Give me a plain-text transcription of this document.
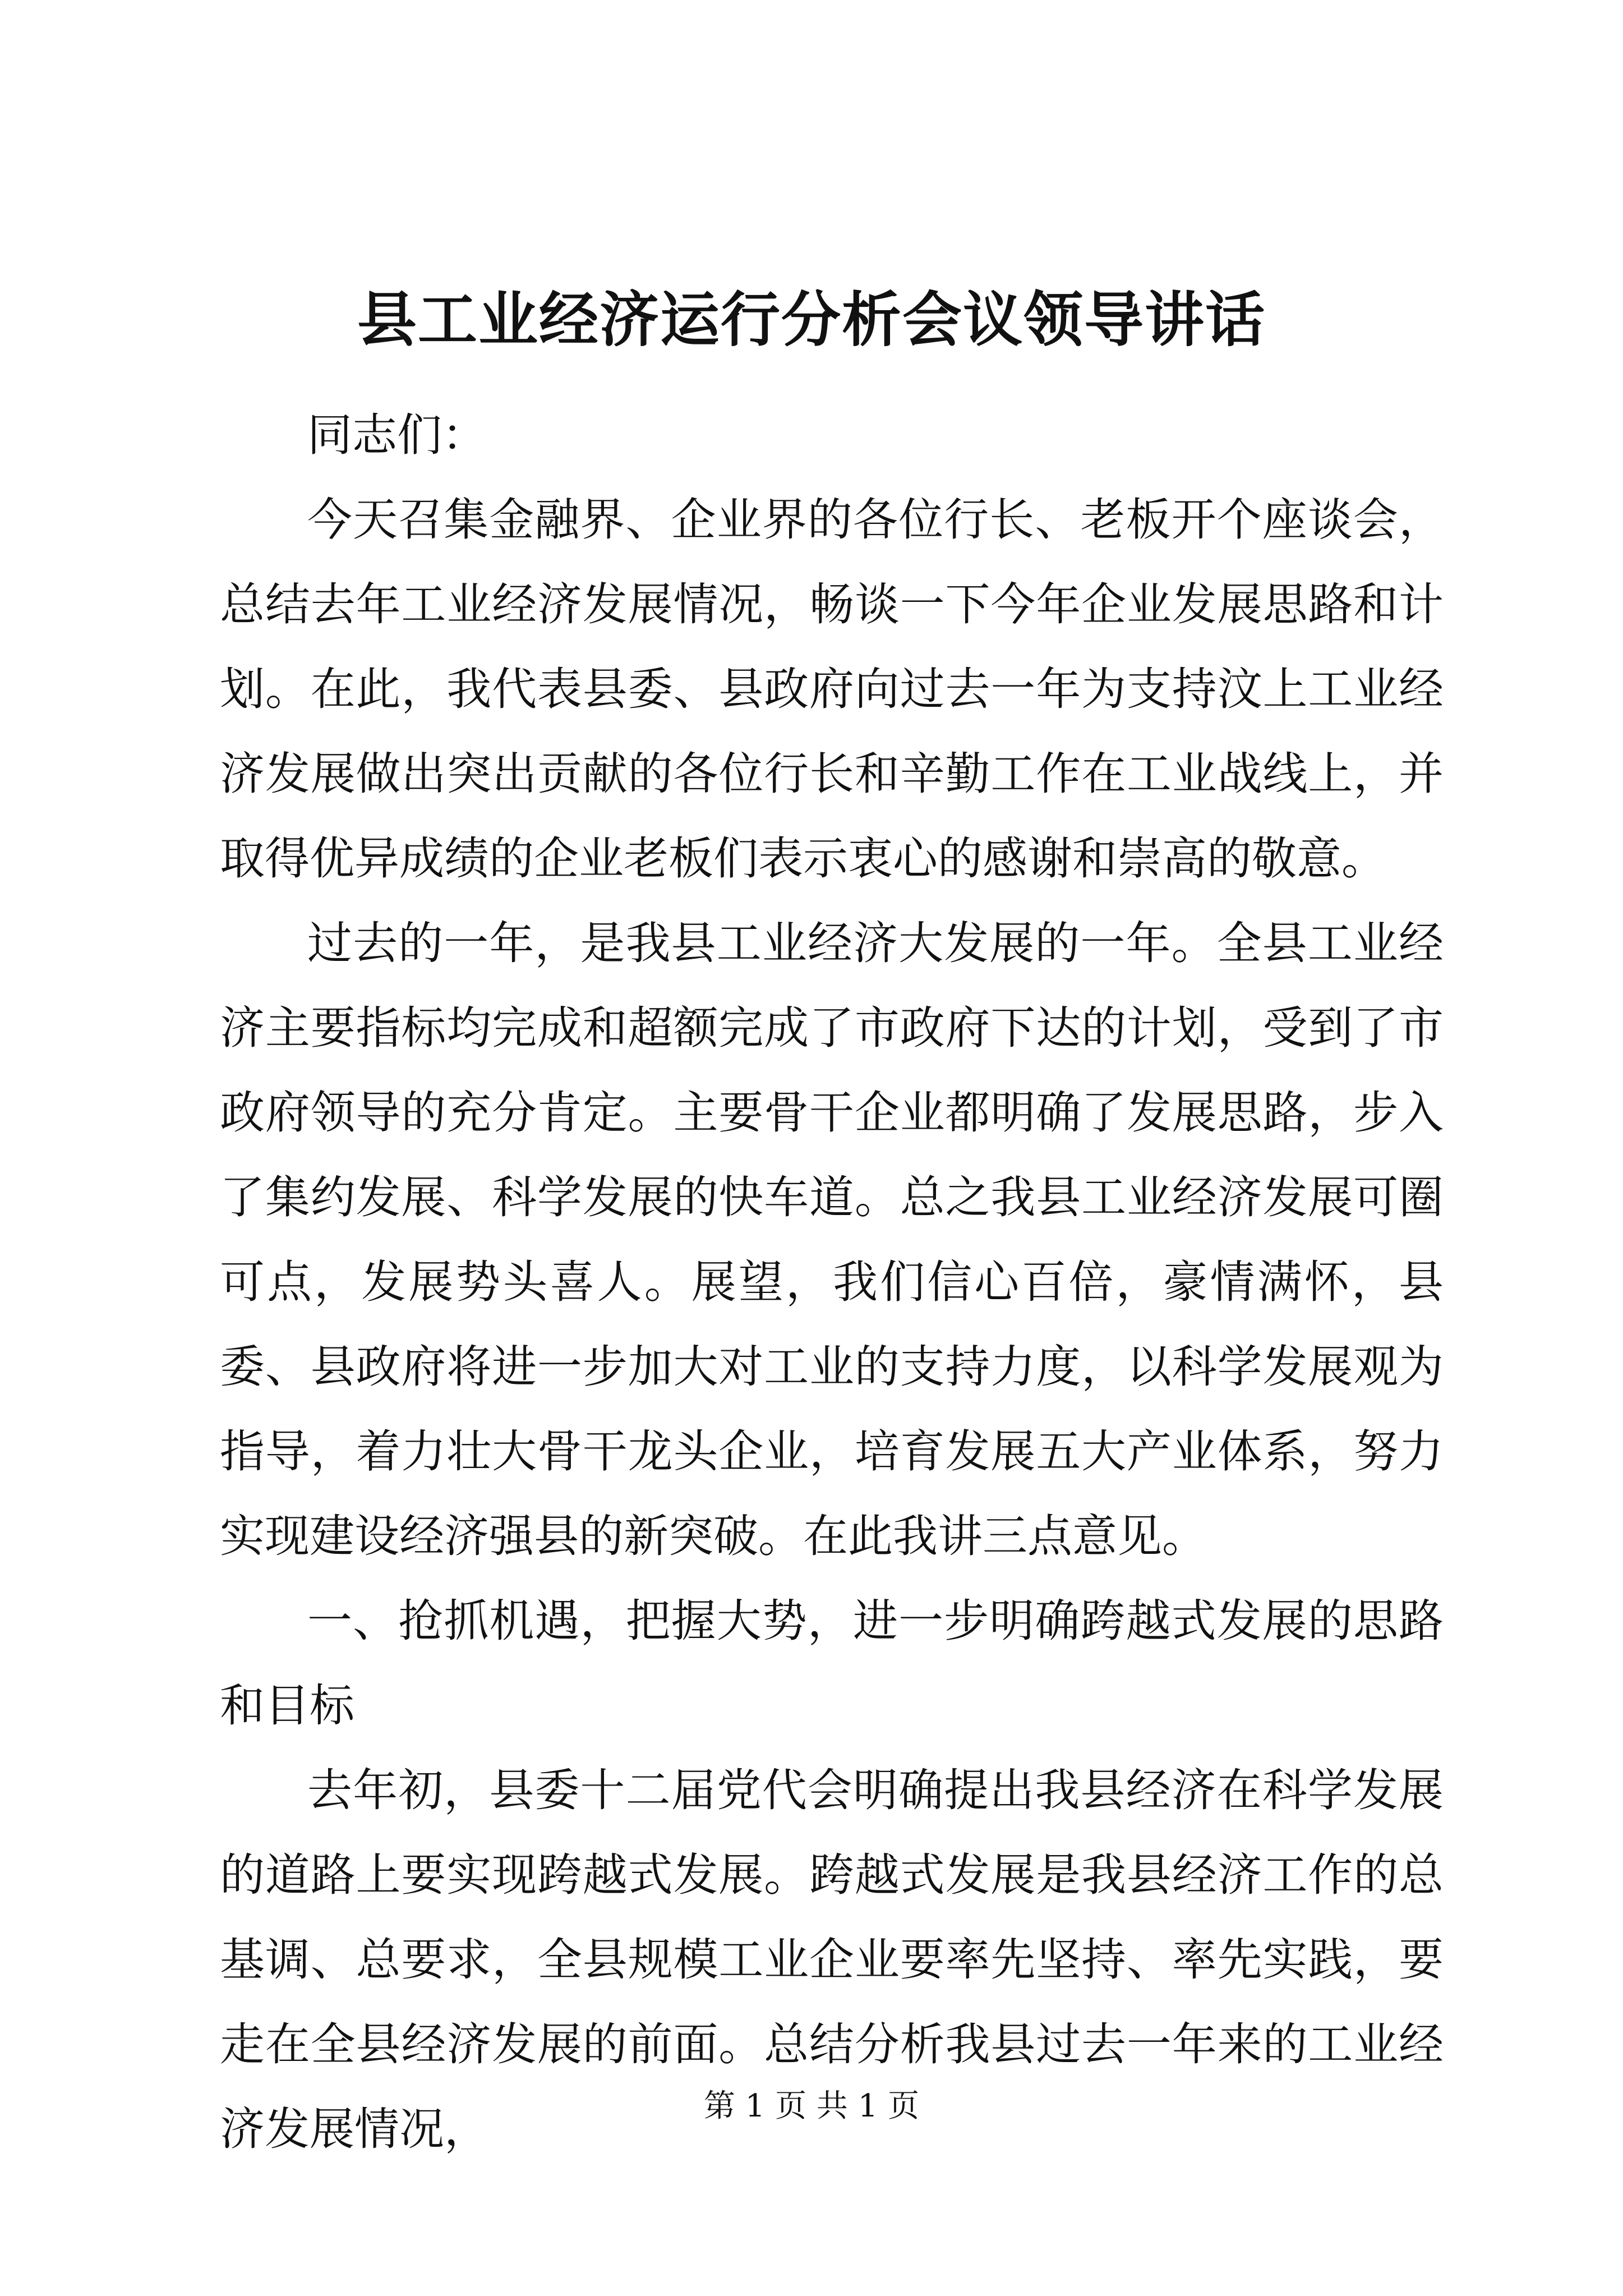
县工业经济运行分析会议领导讲话

同志们：

今天召集金融界、企业界的各位行长、老板开个座谈会，总结去年工业经济发展情况，畅谈一下今年企业发展思路和计划。在此，我代表县委、县政府向过去一年为支持汶上工业经济发展做出突出贡献的各位行长和辛勤工作在工业战线上，并取得优异成绩的企业老板们表示衷心的感谢和崇高的敬意。

过去的一年，是我县工业经济大发展的一年。全县工业经济主要指标均完成和超额完成了市政府下达的计划，受到了市政府领导的充分肯定。主要骨干企业都明确了发展思路，步入了集约发展、科学发展的快车道。总之我县工业经济发展可圈可点，发展势头喜人。展望，我们信心百倍，豪情满怀，县委、县政府将进一步加大对工业的支持力度，以科学发展观为指导，着力壮大骨干龙头企业，培育发展五大产业体系，努力实现建设经济强县的新突破。在此我讲三点意见。

一、抢抓机遇，把握大势，进一步明确跨越式发展的思路和目标

去年初，县委十二届党代会明确提出我县经济在科学发展的道路上要实现跨越式发展。跨越式发展是我县经济工作的总基调、总要求，全县规模工业企业要率先坚持、率先实践，要走在全县经济发展的前面。总结分析我县过去一年来的工业经济发展情况，	第 1 页 共 1 页
